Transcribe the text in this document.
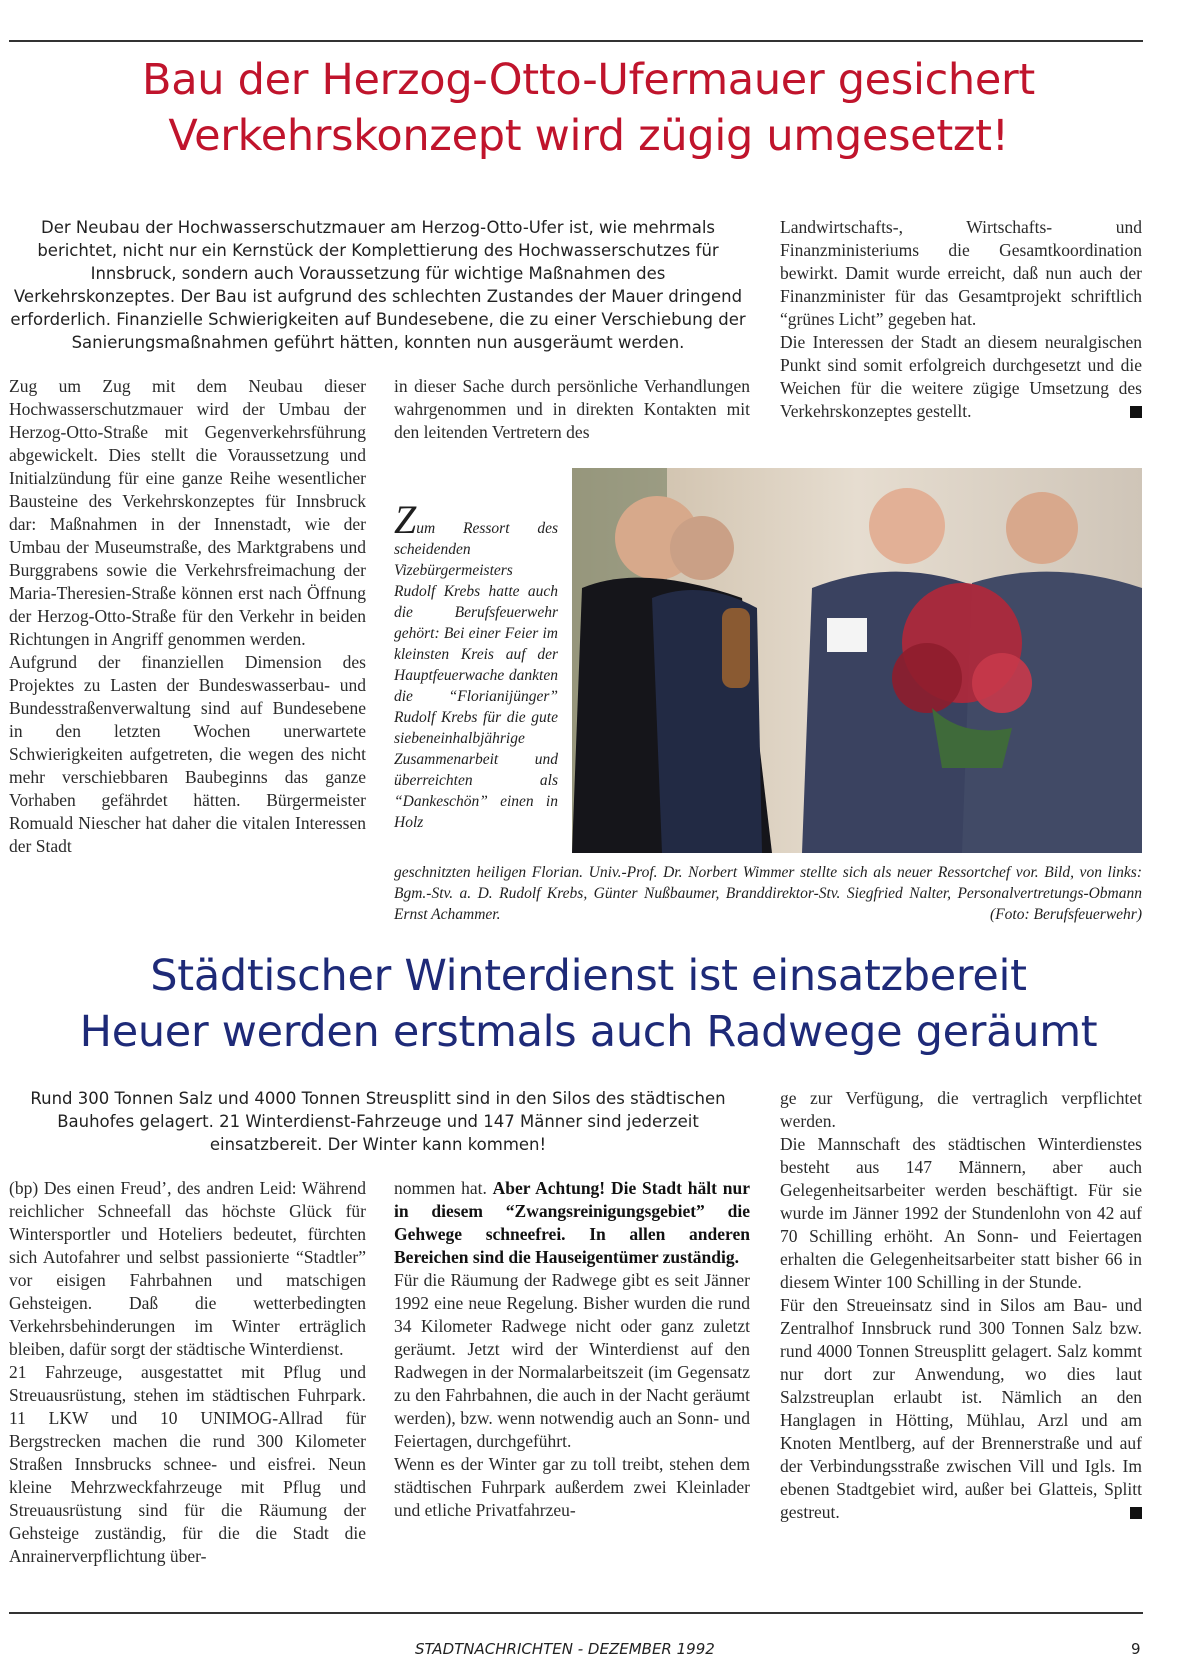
Bau der Herzog-Otto-Ufermauer gesichert
Verkehrskonzept wird zügig umgesetzt!
Der Neubau der Hochwasserschutzmauer am Herzog-Otto-Ufer ist, wie mehrmals berichtet, nicht nur ein Kernstück der Komplettierung des Hochwasserschutzes für Innsbruck, sondern auch Voraussetzung für wichtige Maßnahmen des Verkehrskonzeptes. Der Bau ist aufgrund des schlechten Zustandes der Mauer dringend erforderlich. Finanzielle Schwierigkeiten auf Bundesebene, die zu einer Verschiebung der Sanierungsmaßnahmen geführt hätten, konnten nun ausgeräumt werden.

Zug um Zug mit dem Neubau dieser Hochwasserschutzmauer wird der Umbau der Herzog-Otto-Straße mit Gegenverkehrsführung abgewickelt. Dies stellt die Voraussetzung und Initialzündung für eine ganze Reihe wesentlicher Bausteine des Verkehrskonzeptes für Innsbruck dar: Maßnahmen in der Innenstadt, wie der Umbau der Museumstraße, des Marktgrabens und Burggrabens sowie die Verkehrsfreimachung der Maria-Theresien-Straße können erst nach Öffnung der Herzog-Otto-Straße für den Verkehr in beiden Richtungen in Angriff genommen werden.

Aufgrund der finanziellen Dimension des Projektes zu Lasten der Bundeswasserbau- und Bundesstraßenverwaltung sind auf Bundesebene in den letzten Wochen unerwartete Schwierigkeiten aufgetreten, die wegen des nicht mehr verschiebbaren Baubeginns das ganze Vorhaben gefährdet hätten. Bürgermeister Romuald Niescher hat daher die vitalen Interessen der Stadt

in dieser Sache durch persönliche Verhandlungen wahrgenommen und in direkten Kontakten mit den leitenden Vertretern des

Landwirtschafts-, Wirtschafts- und Finanzministeriums die Gesamtkoordination bewirkt. Damit wurde erreicht, daß nun auch der Finanzminister für das Gesamtprojekt schriftlich “grünes Licht” gegeben hat.

Die Interessen der Stadt an diesem neuralgischen Punkt sind somit erfolgreich durchgesetzt und die Weichen für die weitere zügige Umsetzung des Verkehrskonzeptes gestellt.

Zum Ressort des scheidenden Vizebürgermeisters Rudolf Krebs hatte auch die Berufsfeuerwehr gehört: Bei einer Feier im kleinsten Kreis auf der Hauptfeuerwache dankten die “Florianijünger” Rudolf Krebs für die gute siebeneinhalbjährige Zusammenarbeit und überreichten als “Dankeschön” einen in Holz
geschnitzten heiligen Florian. Univ.-Prof. Dr. Norbert Wimmer stellte sich als neuer Ressortchef vor. Bild, von links: Bgm.-Stv. a. D. Rudolf Krebs, Günter Nußbaumer, Branddirektor-Stv. Siegfried Nalter, Personalvertretungs-Obmann Ernst Achammer.	(Foto: Berufsfeuerwehr)
Städtischer Winterdienst ist einsatzbereit
Heuer werden erstmals auch Radwege geräumt
Rund 300 Tonnen Salz und 4000 Tonnen Streusplitt sind in den Silos des städtischen Bauhofes gelagert. 21 Winterdienst-Fahrzeuge und 147 Männer sind jederzeit einsatzbereit. Der Winter kann kommen!

(bp) Des einen Freud’, des andren Leid: Während reichlicher Schneefall das höchste Glück für Wintersportler und Hoteliers bedeutet, fürchten sich Autofahrer und selbst passionierte “Stadtler” vor eisigen Fahrbahnen und matschigen Gehsteigen. Daß die wetterbedingten Verkehrsbehinderungen im Winter erträglich bleiben, dafür sorgt der städtische Winterdienst.

21 Fahrzeuge, ausgestattet mit Pflug und Streuausrüstung, stehen im städtischen Fuhrpark. 11 LKW und 10 UNIMOG-Allrad für Bergstrecken machen die rund 300 Kilometer Straßen Innsbrucks schnee- und eisfrei. Neun kleine Mehrzweckfahrzeuge mit Pflug und Streuausrüstung sind für die Räumung der Gehsteige zuständig, für die die Stadt die Anrainerverpflichtung über-

nommen hat. Aber Achtung! Die Stadt hält nur in diesem “Zwangsreinigungsgebiet” die Gehwege schneefrei. In allen anderen Bereichen sind die Hauseigentümer zuständig.

Für die Räumung der Radwege gibt es seit Jänner 1992 eine neue Regelung. Bisher wurden die rund 34 Kilometer Radwege nicht oder ganz zuletzt geräumt. Jetzt wird der Winterdienst auf den Radwegen in der Normalarbeitszeit (im Gegensatz zu den Fahrbahnen, die auch in der Nacht geräumt werden), bzw. wenn notwendig auch an Sonn- und Feiertagen, durchgeführt.

Wenn es der Winter gar zu toll treibt, stehen dem städtischen Fuhrpark außerdem zwei Kleinlader und etliche Privatfahrzeu-

ge zur Verfügung, die vertraglich verpflichtet werden.

Die Mannschaft des städtischen Winterdienstes besteht aus 147 Männern, aber auch Gelegenheitsarbeiter werden beschäftigt. Für sie wurde im Jänner 1992 der Stundenlohn von 42 auf 70 Schilling erhöht. An Sonn- und Feiertagen erhalten die Gelegenheitsarbeiter statt bisher 66 in diesem Winter 100 Schilling in der Stunde.

Für den Streueinsatz sind in Silos am Bau- und Zentralhof Innsbruck rund 300 Tonnen Salz bzw. rund 4000 Tonnen Streusplitt gelagert. Salz kommt nur dort zur Anwendung, wo dies laut Salzstreuplan erlaubt ist. Nämlich an den Hanglagen in Hötting, Mühlau, Arzl und am Knoten Mentlberg, auf der Brennerstraße und auf der Verbindungsstraße zwischen Vill und Igls. Im ebenen Stadtgebiet wird, außer bei Glatteis, Splitt gestreut.

STADTNACHRICHTEN - DEZEMBER 1992	9
